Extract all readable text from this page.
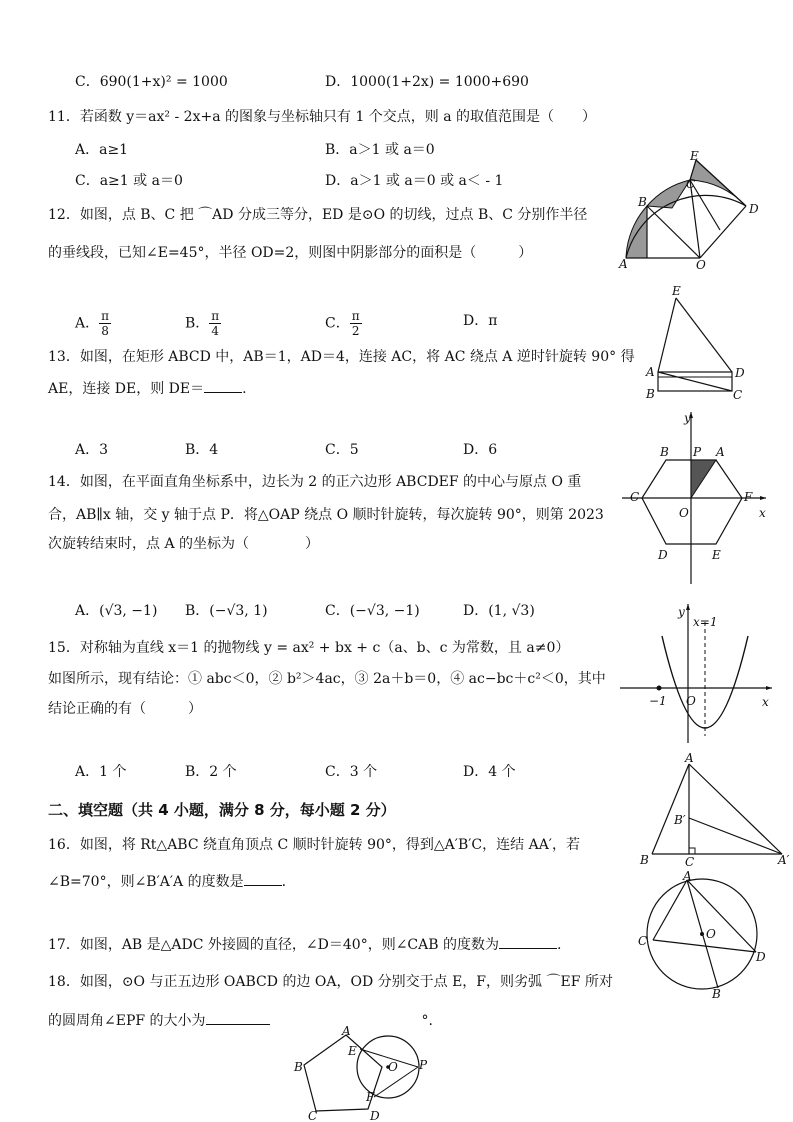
C．690(1+x)² = 1000	D．1000(1+2x) = 1000+690
11．若函数 y＝ax² - 2x+a 的图象与坐标轴只有 1 个交点，则 a 的取值范围是（　　）
A．a≥1	B．a＞1 或 a＝0
C．a≥1 或 a＝0	D．a＞1 或 a＝0 或 a＜ - 1
12．如图，点 B、C 把 ⌒AD 分成三等分，ED 是⊙O 的切线，过点 B、C 分别作半径
的垂线段，已知∠E=45°，半径 OD=2，则图中阴影部分的面积是（　　　）
A． $\frac{\pi}{8}$	B． $\frac{\pi}{4}$	C． $\frac{\pi}{2}$	D．π
13．如图，在矩形 ABCD 中，AB＝1，AD＝4，连接 AC，将 AC 绕点 A 逆时针旋转 90° 得
AE，连接 DE，则 DE＝	.
A．3	B．4	C．5	D．6
14．如图，在平面直角坐标系中，边长为 2 的正六边形 ABCDEF 的中心与原点 O 重
合，AB∥x 轴，交 y 轴于点 P．将△OAP 绕点 O 顺时针旋转，每次旋转 90°，则第 2023
次旋转结束时，点 A 的坐标为（　　　　）
A．(√3, −1) B．(−√3, 1)	C．(−√3, −1)	D．(1, √3)
15．对称轴为直线 x＝1 的抛物线 y = ax² + bx + c（a、b、c 为常数，且 a≠0）
如图所示，现有结论：① abc＜0，② b²＞4ac，③ 2a＋b＝0，④ ac−bc＋c²＜0，其中
结论正确的有（　　　）
A．1 个	B．2 个	C．3 个	D．4 个
二、填空题（共 4 小题，满分 8 分，每小题 2 分）
16．如图，将 Rt△ABC 绕直角顶点 C 顺时针旋转 90°，得到△A′B′C，连结 AA′，若
∠B=70°，则∠B′A′A 的度数是	.
17．如图，AB 是△ADC 外接圆的直径，∠D＝40°，则∠CAB 的度数为	.
18．如图，⊙O 与正五边形 OABCD 的边 OA，OD 分别交于点 E，F，则劣弧 ⌒EF 所对
的圆周角∠EPF 的大小为	°.
E
B
C
D
A	O
E
A	D
B	C
y
B P A
C	F
O	x
D	E
y
x=1
−1 O	x
A
B′
B	C	A′
A
O
C
D
B
A
E
O P
B
C
F
D
